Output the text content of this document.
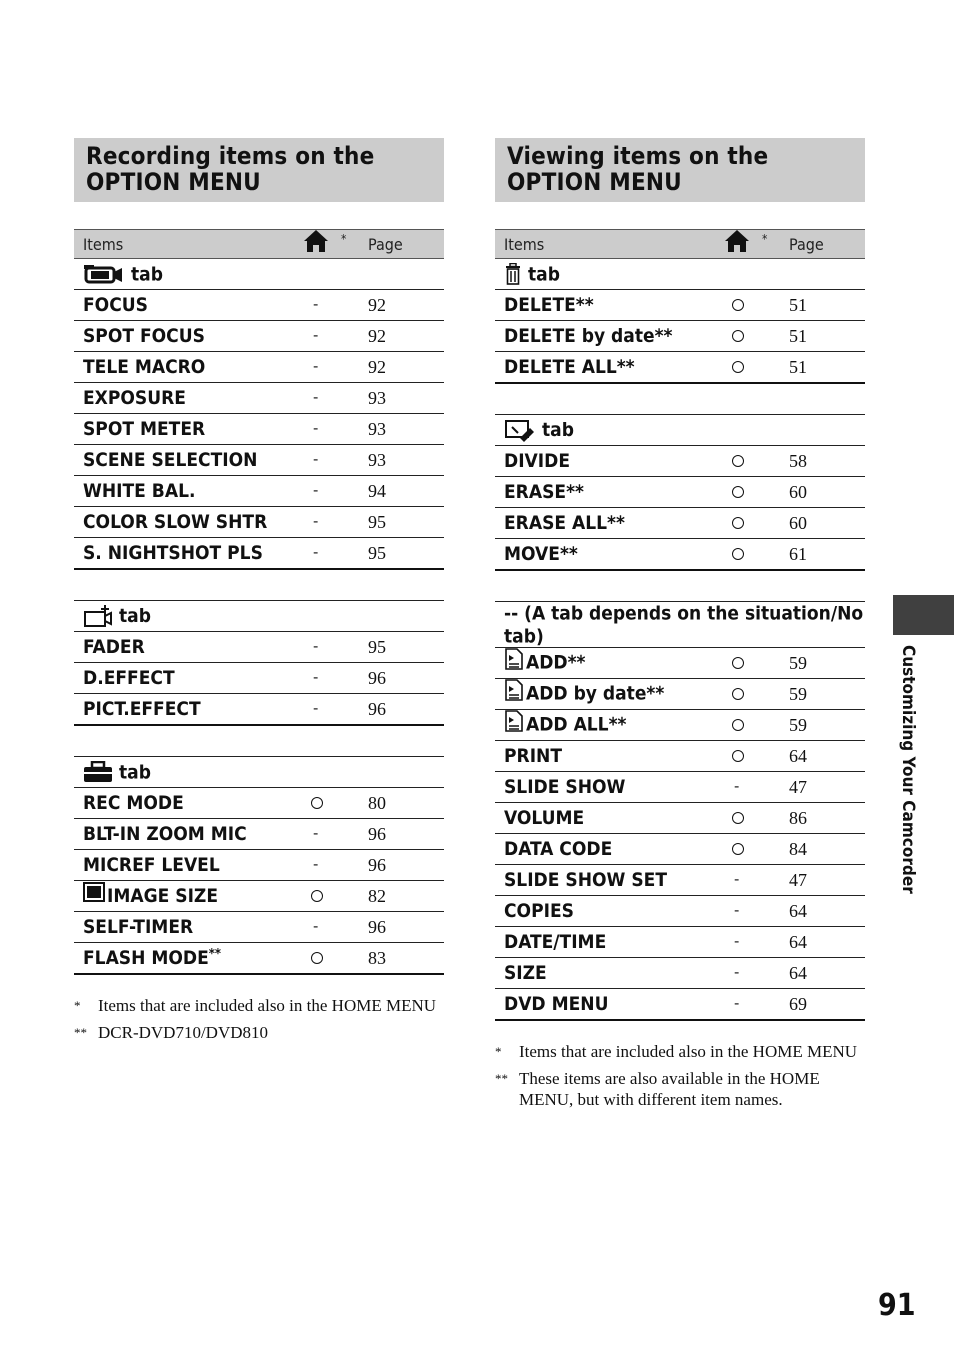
Recording items on the OPTION MENU
Items	*	Page
tab		
FOCUS	-	92
SPOT FOCUS	-	92
TELE MACRO	-	92
EXPOSURE	-	93
SPOT METER	-	93
SCENE SELECTION	-	93
WHITE BAL.	-	94
COLOR SLOW SHTR	-	95
S. NIGHTSHOT PLS	-	95

tab		
FADER	-	95
D.EFFECT	-	96
PICT.EFFECT	-	96

tab		
REC MODE		80
BLT-IN ZOOM MIC	-	96
MICREF LEVEL	-	96
IMAGE SIZE		82
SELF-TIMER	-	96
FLASH MODE**		83
*	Items that are included also in the HOME MENU
** DCR-DVD710/DVD810
Viewing items on the OPTION MENU
Items	*	Page
tab		
DELETE**		51
DELETE by date**		51
DELETE ALL**		51

tab		
DIVIDE		58
ERASE**		60
ERASE ALL**		60
MOVE**		61

-- (A tab depends on the situation/No tab)		
ADD**		59
ADD by date**		59
ADD ALL**		59
PRINT		64
SLIDE SHOW	-	47
VOLUME		86
DATA CODE		84
SLIDE SHOW SET	-	47
COPIES	-	64
DATE/TIME	-	64
SIZE	-	64
DVD MENU	-	69
*	Items that are included also in the HOME MENU
** These items are also available in the HOME MENU, but with different item names.
Customizing Your Camcorder
91
